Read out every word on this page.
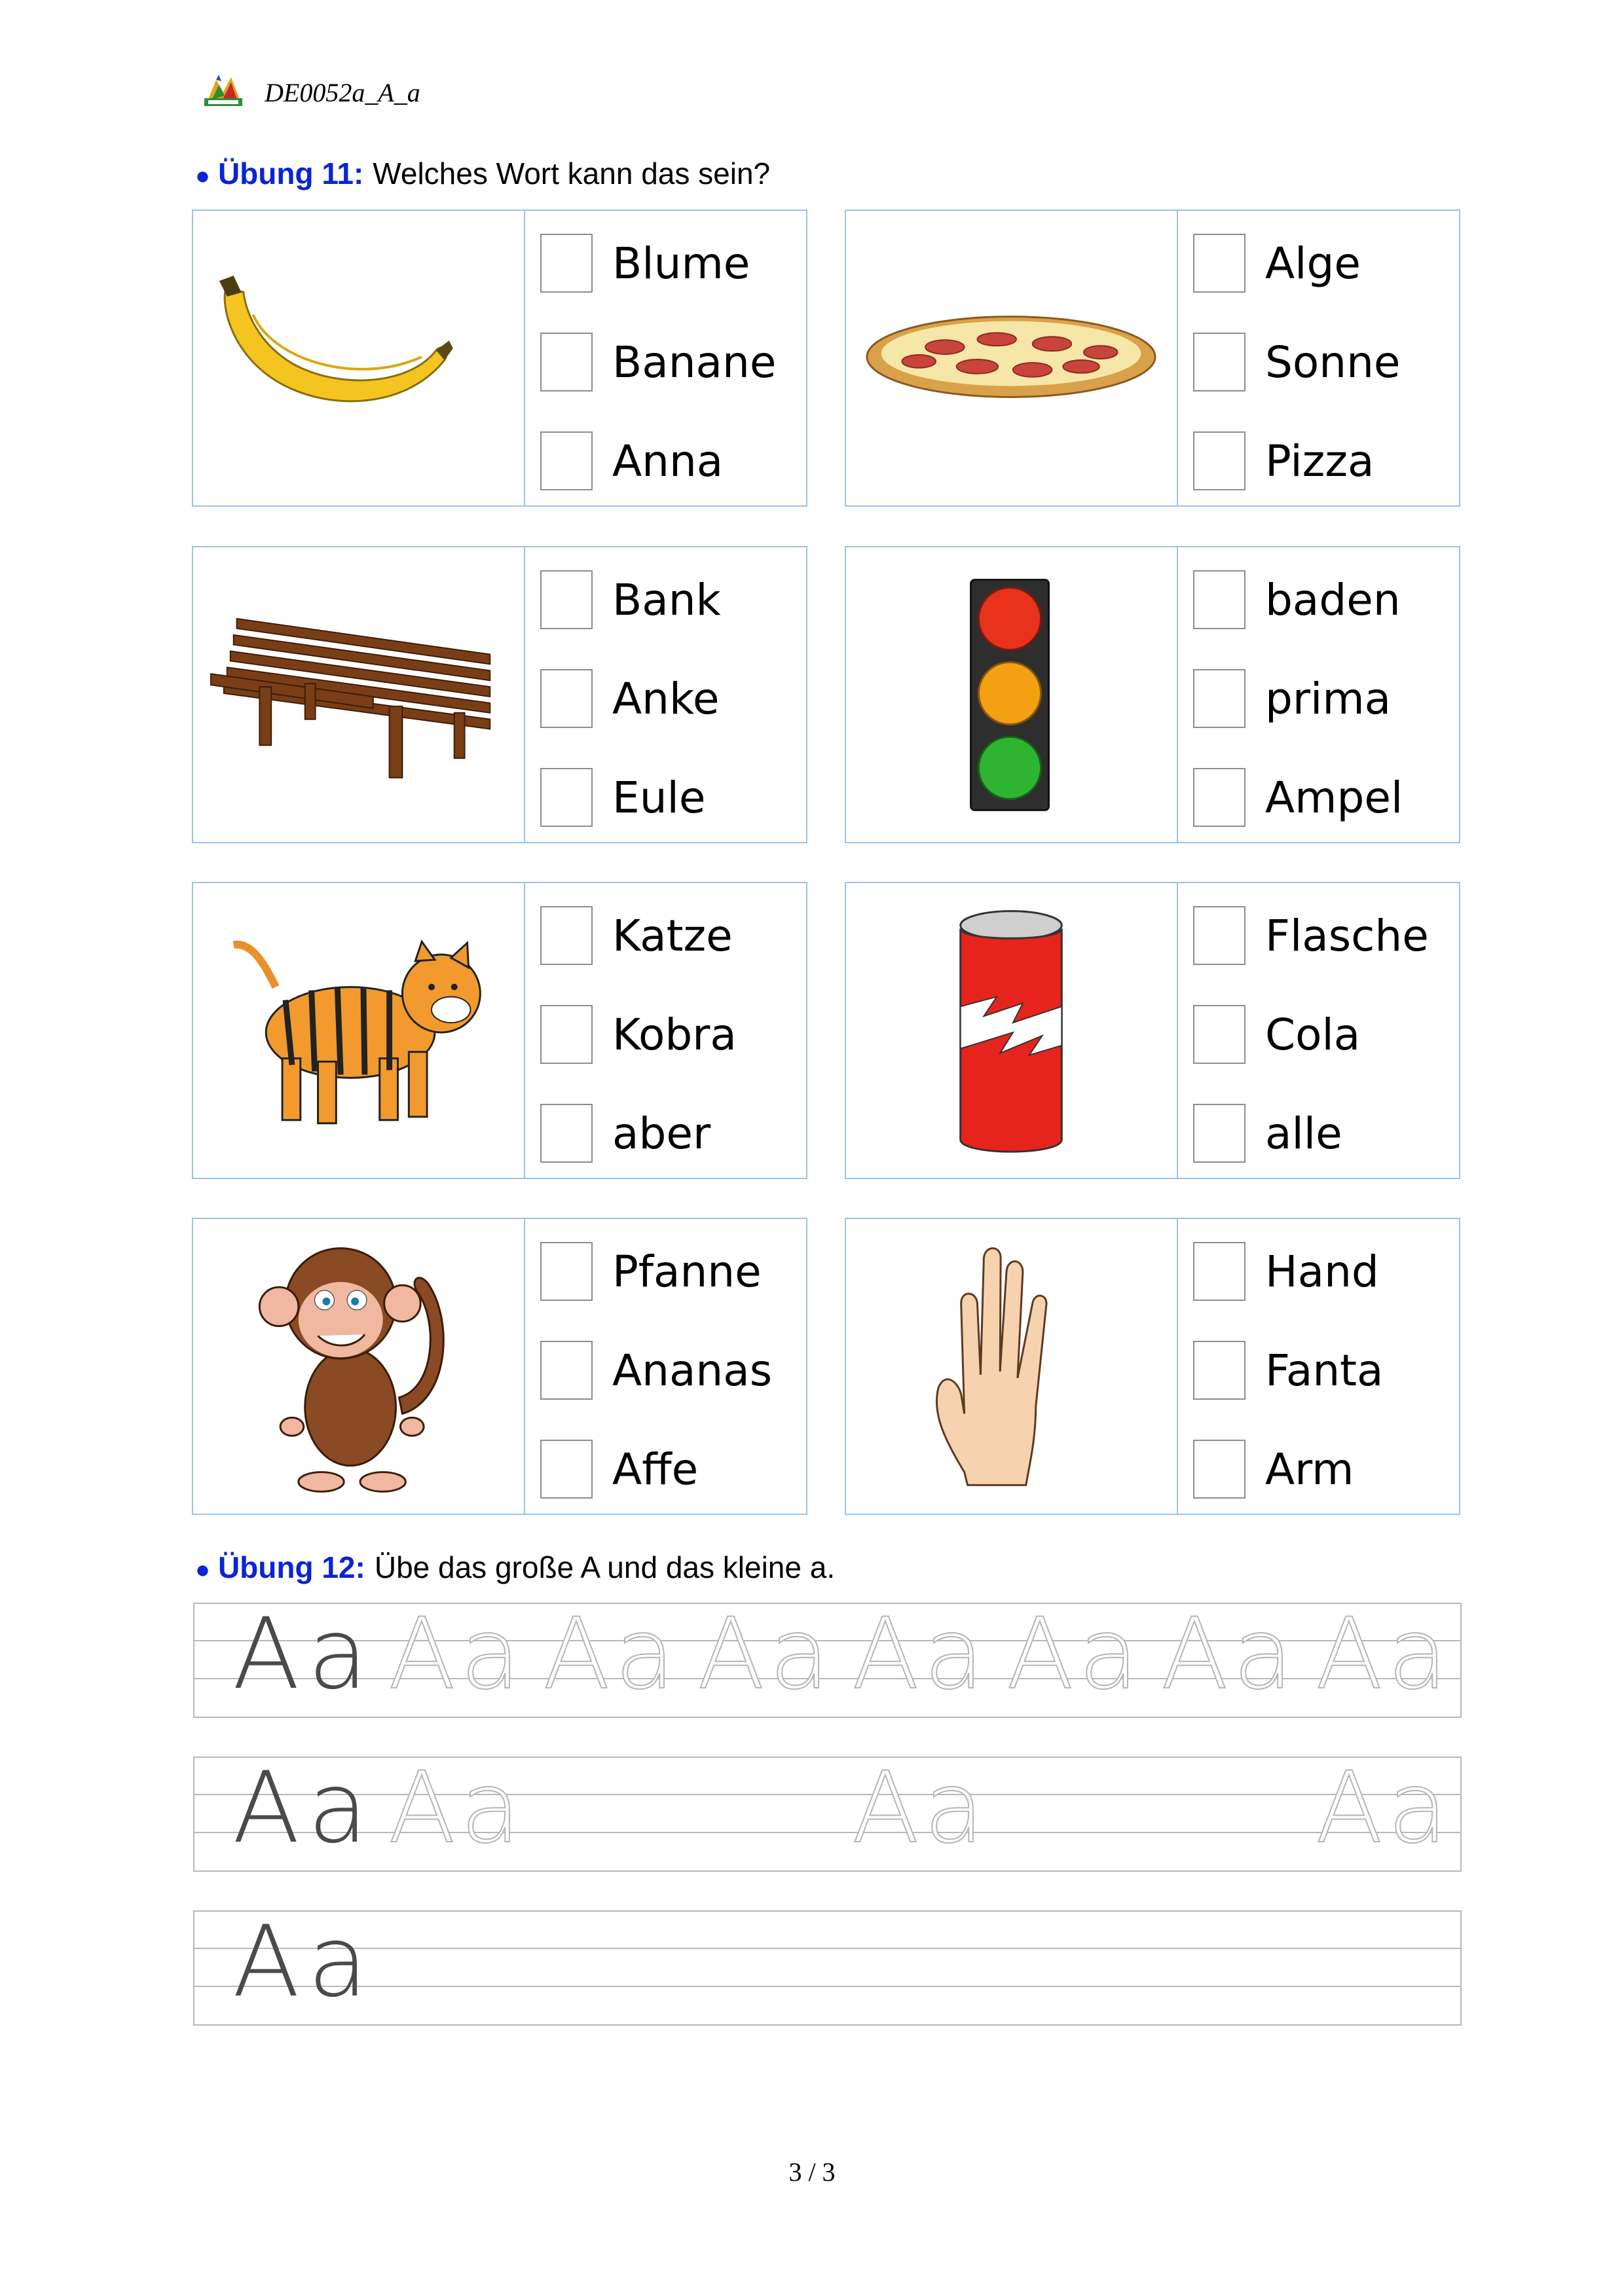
DE0052a_A_a
● Übung 11: Welches Wort kann das sein?
Blume
Banane
Anna
Alge
Sonne
Pizza
Bank
Anke
Eule
baden
prima
Ampel
Katze
Kobra
aber
Flasche
Cola
alle
Pfanne
Ananas
Affe
Hand
Fanta
Arm
● Übung 12: Übe das große A und das kleine a.
A a A a A a A a A a A a A a A a
A a A a	A a	A a
A a
3 / 3
